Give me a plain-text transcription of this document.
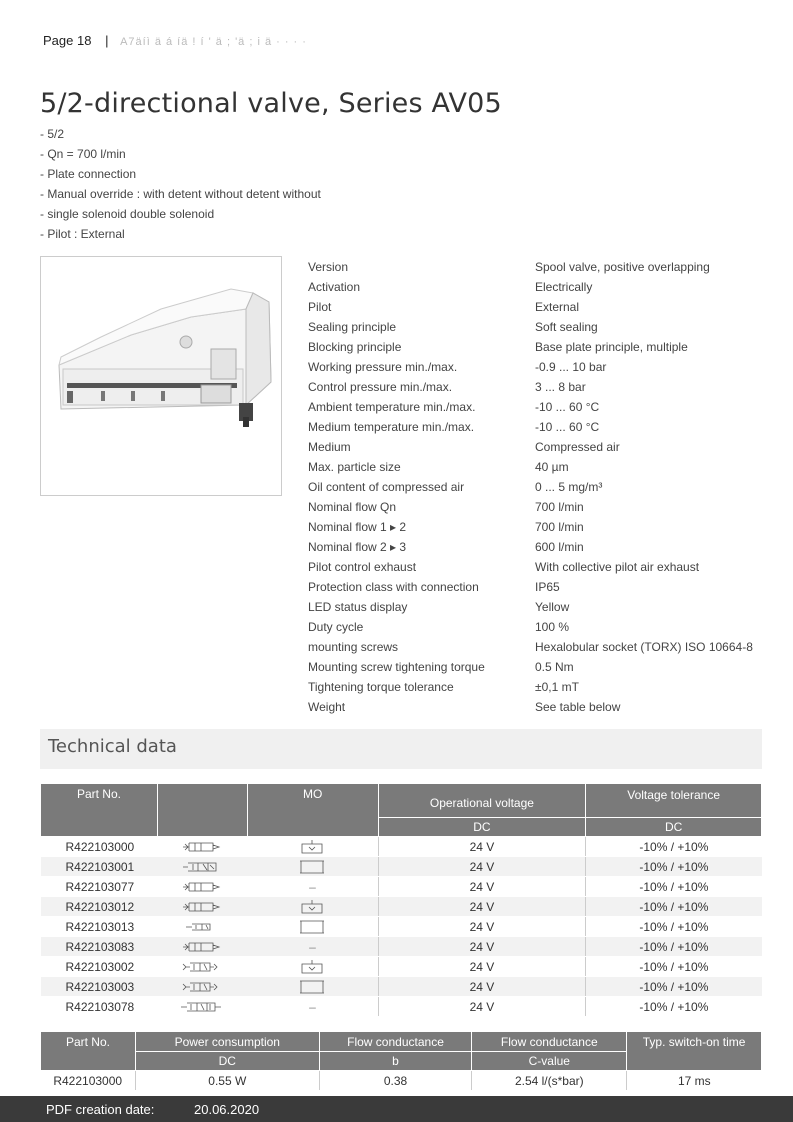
Page 18 | A7äíì ä á íä ! í ' ä ; 'ä ; i ä · · · ·
5/2-directional valve, Series AV05
- 5/2
- Qn = 700 l/min
- Plate connection
- Manual override : with detent without detent without
- single solenoid double solenoid
- Pilot : External
Version	Spool valve, positive overlapping
Activation	Electrically
Pilot	External
Sealing principle	Soft sealing
Blocking principle	Base plate principle, multiple
Working pressure min./max.	-0.9 ... 10 bar
Control pressure min./max.	3 ... 8 bar
Ambient temperature min./max.	-10 ... 60 °C
Medium temperature min./max.	-10 ... 60 °C
Medium	Compressed air
Max. particle size	40 µm
Oil content of compressed air	0 ... 5 mg/m³
Nominal flow Qn	700 l/min
Nominal flow 1 ▸ 2	700 l/min
Nominal flow 2 ▸ 3	600 l/min
Pilot control exhaust	With collective pilot air exhaust
Protection class with connection	IP65
LED status display	Yellow
Duty cycle	100 %
mounting screws	Hexalobular socket (TORX) ISO 10664-8
Mounting screw tightening torque	0.5 Nm
Tightening torque tolerance	±0,1 mT
Weight	See table below
Technical data
Part No.		MO	Operational voltage	Voltage tolerance
			DC	DC
R422103000			24 V	-10% / +10%
R422103001			24 V	-10% / +10%
R422103077		–	24 V	-10% / +10%
R422103012			24 V	-10% / +10%
R422103013			24 V	-10% / +10%
R422103083		–	24 V	-10% / +10%
R422103002			24 V	-10% / +10%
R422103003			24 V	-10% / +10%
R422103078		–	24 V	-10% / +10%
Part No.	Power consumption	Flow conductance	Flow conductance	Typ. switch-on time
	DC	b	C-value	
R422103000	0.55 W	0.38	2.54 l/(s*bar)	17 ms
PDF creation date:	20.06.2020
